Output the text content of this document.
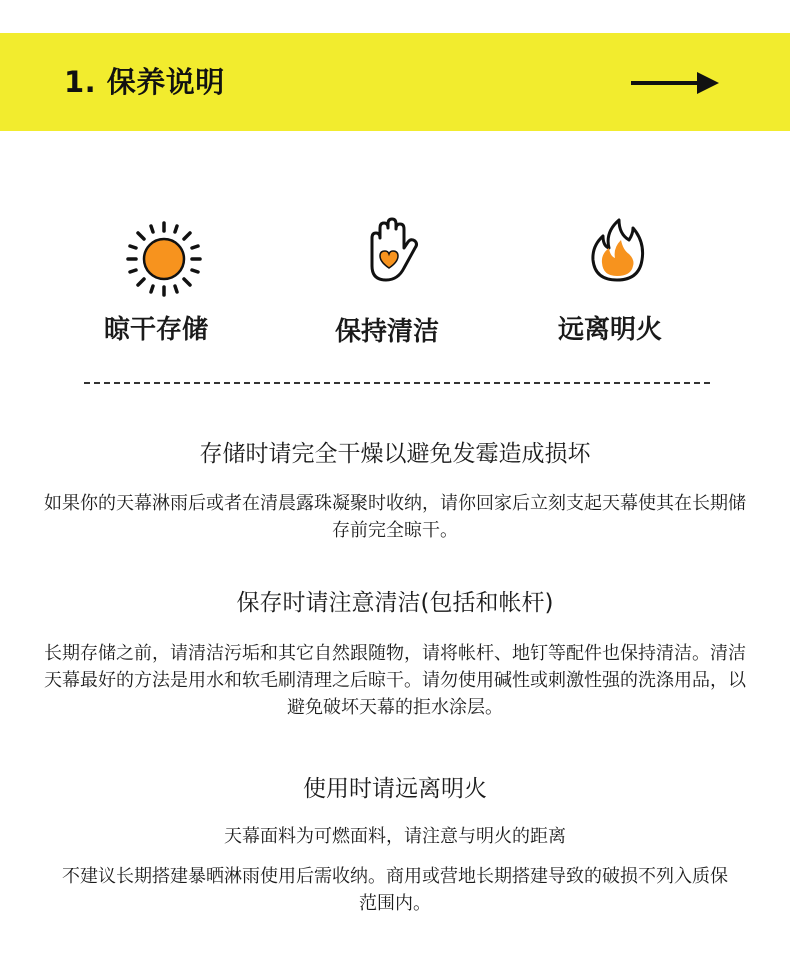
1. 保养说明
晾干存储	保持清洁	远离明火
存储时请完全干燥以避免发霉造成损坏
如果你的天幕淋雨后或者在清晨露珠凝聚时收纳，请你回家后立刻支起天幕使其在长期储存前完全晾干。
保存时请注意清洁(包括和帐杆)
长期存储之前，请清洁污垢和其它自然跟随物，请将帐杆、地钉等配件也保持清洁。清洁天幕最好的方法是用水和软毛刷清理之后晾干。请勿使用碱性或刺激性强的洗涤用品，以避免破坏天幕的拒水涂层。
使用时请远离明火
天幕面料为可燃面料，请注意与明火的距离
不建议长期搭建暴晒淋雨使用后需收纳。商用或营地长期搭建导致的破损不列入质保范围内。
